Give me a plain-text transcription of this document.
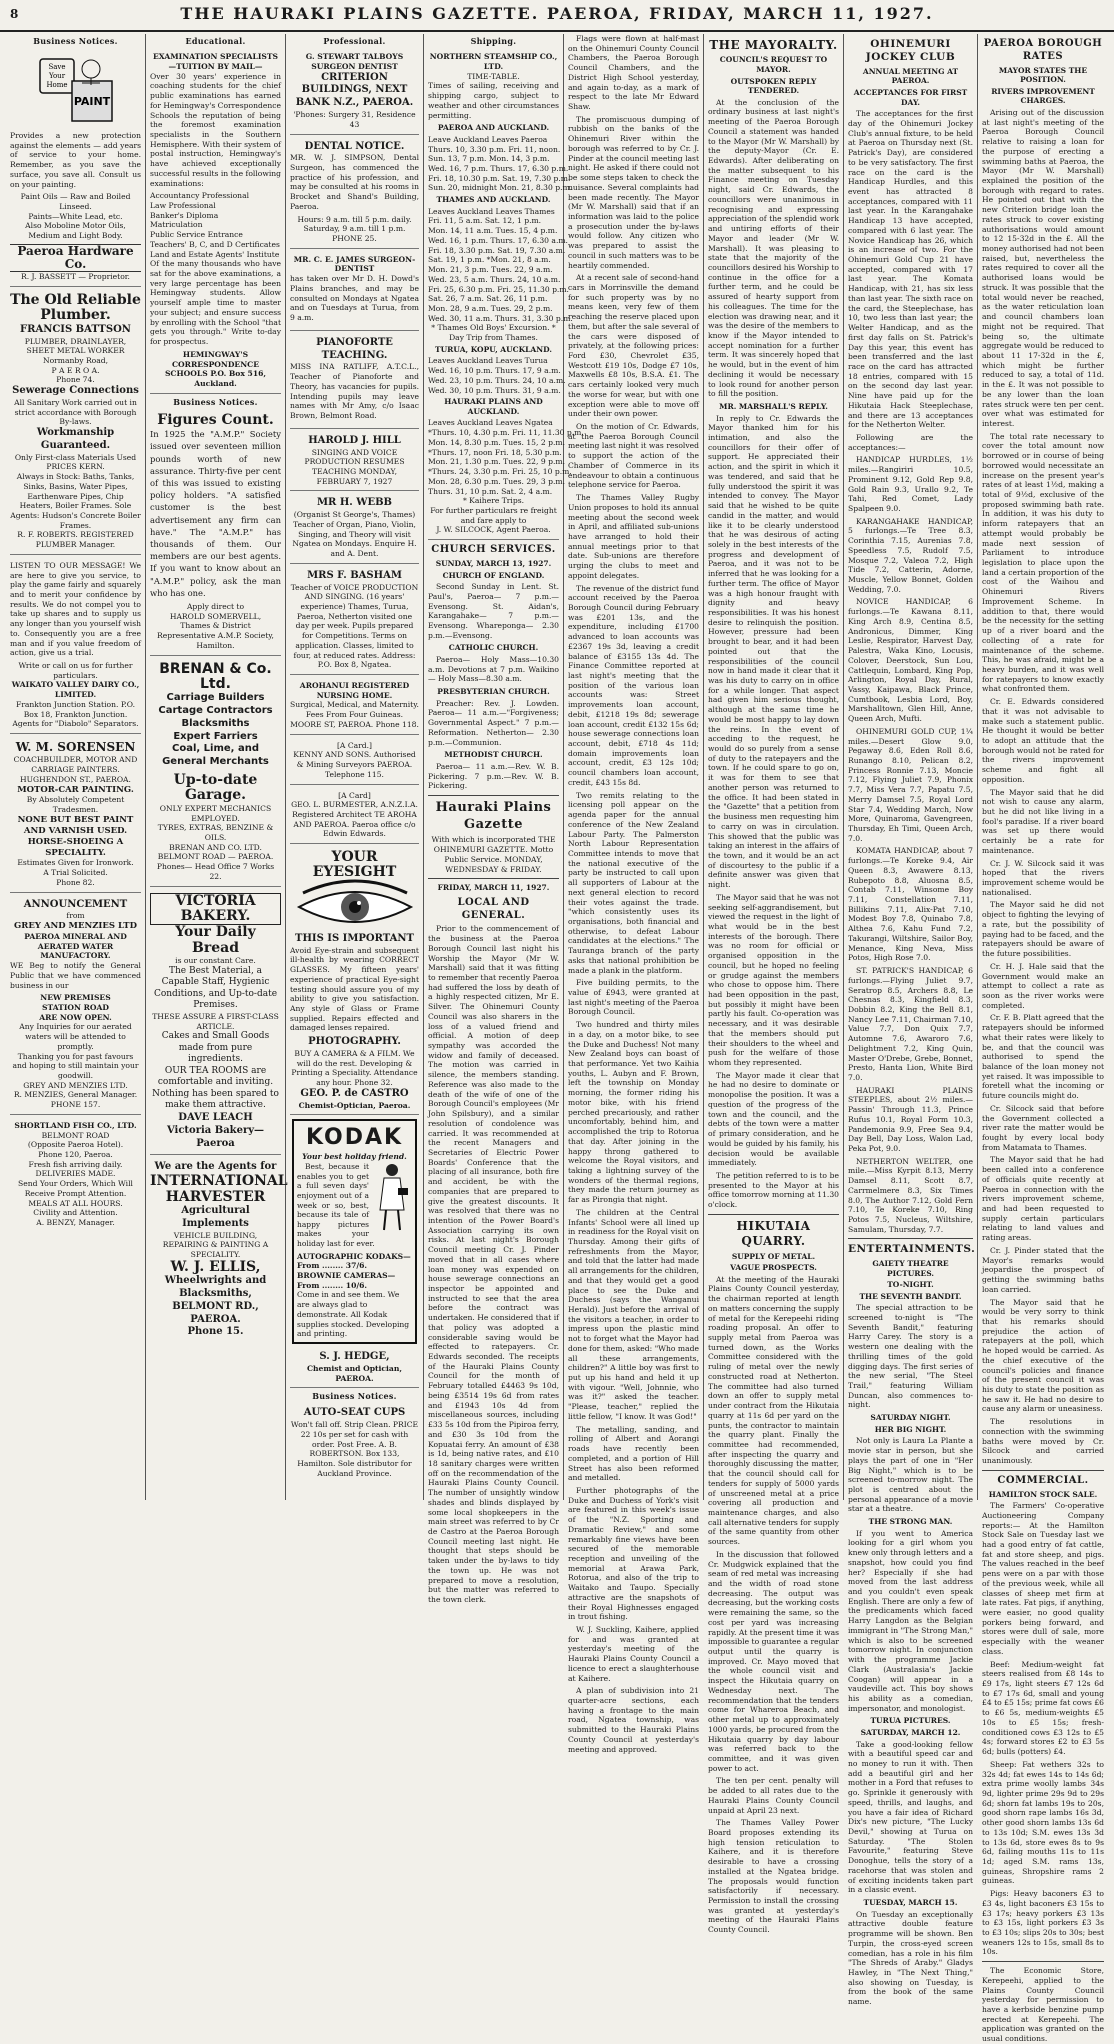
8	THE HAURAKI PLAINS GAZETTE. PAEROA, FRIDAY, MARCH 11, 1927.
Business Notices.
Save
Your
Home
PAINT

Provides a new protection against the elements — add years of service to your home. Remember, as you save the surface, you save all. Consult us on your painting.

Paint Oils — Raw and Boiled Linseed.
Paints—White Lead, etc.
Also Moboline Motor Oils, Medium and Light Body.
Paeroa Hardware Co.
R. J. BASSETT — Proprietor.
The Old Reliable Plumber.
FRANCIS BATTSON
PLUMBER, DRAINLAYER, SHEET METAL WORKER
Normanby Road,
P A E R O A.
Phone 74.
Sewerage Connections
All Sanitary Work carried out in strict accordance with Borough By-laws.
Workmanship Guaranteed.
Only First-class Materials Used PRICES KERN.
Always in Stock: Baths, Tanks, Sinks, Basins, Water Pipes, Earthenware Pipes, Chip Heaters, Boiler Frames. Sole Agents: Hudson's Concrete Boiler Frames.
R. F. ROBERTS. REGISTERED PLUMBER Manager.

LISTEN TO OUR MESSAGE! We are here to give you service, to play the game fairly and squarely and to merit your confidence by results. We do not compel you to take up shares and to supply us any longer than you yourself wish to. Consequently you are a free man and if you value freedom of action, give us a trial.

Write or call on us for further particulars.
WAIKATO VALLEY DAIRY CO., LIMITED.
Frankton Junction Station. P.O. Box 18, Frankton Junction. Agents for "Diabolo" Separators.
W. M. SORENSEN
COACHBUILDER, MOTOR AND CARRIAGE PAINTERS.
HUGHENDON ST., PAEROA.
MOTOR-CAR PAINTING.
By Absolutely Competent Tradesmen.
NONE BUT BEST PAINT AND VARNISH USED.
HORSE-SHOEING A SPECIALITY.
Estimates Given for Ironwork.
A Trial Solicited.
Phone 82.
ANNOUNCEMENT
from
GREY AND MENZIES LTD
PAEROA MINERAL AND AERATED WATER MANUFACTORY.

WE Beg to notify the General Public that we have commenced business in our

NEW PREMISES
STATION ROAD
ARE NOW OPEN.
Any Inquiries for our aerated waters will be attended to promptly.
Thanking you for past favours and hoping to still maintain your goodwill.
GREY AND MENZIES LTD.
R. MENZIES, General Manager.
PHONE 157.
SHORTLAND FISH CO., LTD.
BELMONT ROAD
(Opposite Paeroa Hotel).
Phone 120, Paeroa.
Fresh fish arriving daily.
DELIVERIES MADE.
Send Your Orders, Which Will Receive Prompt Attention.
MEALS AT ALL HOURS.
Civility and Attention.
A. BENZY, Manager.
Educational.
EXAMINATION SPECIALISTS —TUITION BY MAIL—

Over 30 years' experience in coaching students for the chief public examinations has earned for Hemingway's Correspondence Schools the reputation of being the foremost examination specialists in the Southern Hemisphere. With their system of postal instruction, Hemingway's have achieved exceptionally successful results in the following examinations:

Accountancy Professional
Law Professional
Banker's Diploma
Matriculation
Public Service Entrance
Teachers' B, C, and D Certificates
Land and Estate Agents' Institute

Of the many thousands who have sat for the above examinations, a very large percentage has been Hemingway students. Allow yourself ample time to master your subject; and ensure success by enrolling with the School "that gets you through." Write to-day for prospectus.

HEMINGWAY'S CORRESPONDENCE SCHOOLS P.O. Box 516, Auckland.
Business Notices.
Figures Count.

In 1925 the "A.M.P." Society issued over seventeen million pounds worth of new assurance. Thirty-five per cent of this was issued to existing policy holders. "A satisfied customer is the best advertisement any firm can have." The "A.M.P." has thousands of them. Our members are our best agents. If you want to know about an "A.M.P." policy, ask the man who has one.

Apply direct to
HAROLD SOMERVELL,
Thames & District Representative A.M.P. Society, Hamilton.
BRENAN & Co. Ltd.
Carriage Builders
Cartage Contractors
Blacksmiths
Expert Farriers
Coal, Lime, and
General Merchants
Up-to-date Garage.
ONLY EXPERT MECHANICS EMPLOYED.
TYRES, EXTRAS, BENZINE & OILS.
BRENAN AND CO. LTD.
BELMONT ROAD — PAEROA.
Phones— Head Office 7 Works 22.
VICTORIA BAKERY.
Your Daily Bread
is our constant Care.
The Best Material, a Capable Staff, Hygienic Conditions, and Up-to-date Premises.
THESE ASSURE A FIRST-CLASS ARTICLE.
Cakes and Small Goods made from pure ingredients.
OUR TEA ROOMS are comfortable and inviting. Nothing has been spared to make them attractive.
DAVE LEACH
Victoria Bakery—Paeroa
We are the Agents for
INTERNATIONAL HARVESTER
Agricultural Implements
VEHICLE BUILDING, REPAIRING & PAINTING A SPECIALITY.
W. J. ELLIS,
Wheelwrights and Blacksmiths,
BELMONT RD., PAEROA.
Phone 15.
Professional.
G. STEWART TALBOYS SURGEON DENTIST
CRITERION BUILDINGS, NEXT BANK N.Z., PAEROA.
'Phones: Surgery 31, Residence 43
DENTAL NOTICE.

MR. W. J. SIMPSON, Dental Surgeon, has commenced the practice of his profession, and may be consulted at his rooms in Brocket and Shand's Building, Paeroa.

Hours: 9 a.m. till 5 p.m. daily. Saturday, 9 a.m. till 1 p.m.
PHONE 25.
MR. C. E. JAMES SURGEON-DENTIST

has taken over Mr D. H. Dowd's Plains branches, and may be consulted on Mondays at Ngatea and on Tuesdays at Turua, from 9 a.m.

PIANOFORTE TEACHING.

MISS INA RATLIFF, A.T.C.L., Teacher of Pianoforte and Theory, has vacancies for pupils. Intending pupils may leave names with Mr Amy, c/o Isaac Brown, Belmont Road.

HAROLD J. HILL
SINGING AND VOICE PRODUCTION RESUMES TEACHING MONDAY, FEBRUARY 7, 1927
MR H. WEBB
(Organist St George's, Thames) Teacher of Organ, Piano, Violin, Singing, and Theory will visit Ngatea on Mondays. Enquire H. and A. Dent.
MRS F. BASHAM
Teacher of VOICE PRODUCTION AND SINGING. (16 years' experience) Thames, Turua, Paeroa, Netherton visited one day per week. Pupils prepared for Competitions. Terms on application. Classes, limited to four, at reduced rates. Address: P.O. Box 8, Ngatea.
AROHANUI REGISTERED NURSING HOME.
Surgical, Medical, and Maternity. Fees From Four Guineas. MOORE ST, PAEROA. Phone 118.
[A Card.]
KENNY AND SONS. Authorised & Mining Surveyors PAEROA. Telephone 115.
[A Card]
GEO. L. BURMESTER, A.N.Z.I.A. Registered Architect TE AROHA AND PAEROA. Paeroa office c/o Edwin Edwards.
YOUR EYESIGHT
THIS IS IMPORTANT

Avoid Eye-strain and subsequent ill-health by wearing CORRECT GLASSES. My fifteen years' experience of practical Eye-sight testing should assure you of my ability to give you satisfaction. Any style of Glass or Frame supplied. Repairs effected and damaged lenses repaired.

PHOTOGRAPHY.
BUY A CAMERA & A FILM. We will do the rest. Developing & Printing a Speciality. Attendance any hour. Phone 32.
GEO. P. de CASTRO
Chemist-Optician, Paeroa.
KODAK
Your best holiday friend.

Best, because it enables you to get a full seven days' enjoyment out of a week or so, best, because its tale of happy pictures makes your holiday last for ever.

AUTOGRAPHIC KODAKS— From ........ 37/6.
BROWNIE CAMERAS— From ........ 10/6.
Come in and see them. We are always glad to demonstrate. All Kodak supplies stocked. Developing and printing.
S. J. HEDGE,
Chemist and Optician, PAEROA.
Business Notices.
AUTO-SEAT CUPS
Won't fall off. Strip Clean. PRICE 22 10s per set for cash with order. Post Free. A. B. ROBERTSON. Box 133, Hamilton. Sole distributor for Auckland Province.
Shipping.
NORTHERN STEAMSHIP CO., LTD.
TIME-TABLE.

Times of sailing, receiving and shipping cargo, subject to weather and other circumstances permitting.

PAEROA AND AUCKLAND.
Leave Auckland Leaves Paeroa
Thurs. 10, 3.30 p.m. Fri. 11, noon.
Sun. 13, 7 p.m. Mon. 14, 3 p.m.
Wed. 16, 7 p.m. Thurs. 17, 6.30 p.m.
Fri. 18, 10.30 p.m. Sat. 19, 7.30 p.m.
Sun. 20, midnight Mon. 21, 8.30 p.m.
THAMES AND AUCKLAND.
Leaves Auckland Leaves Thames
Fri. 11, 5 a.m. Sat. 12, 1 p.m.
Mon. 14, 11 a.m. Tues. 15, 4 p.m.
Wed. 16, 1 p.m. Thurs. 17, 6.30 a.m.
Fri. 18, 3.30 p.m. Sat. 19, 7.30 a.m.
Sat. 19, 1 p.m. *Mon. 21, 8 a.m.
Mon. 21, 3 p.m. Tues. 22, 9 a.m.
Wed. 23, 5 a.m. Thurs. 24, 10 a.m.
Fri. 25, 6.30 p.m. Fri. 25, 11.30 p.m.
Sat. 26, 7 a.m. Sat. 26, 11 p.m.
Mon. 28, 9 a.m. Tues. 29, 2 p.m.
Wed. 30, 11 a.m. Thurs. 31, 3.30 p.m.
* Thames Old Boys' Excursion. * Day Trip from Thames.
TURUA, KOPU, AUCKLAND.
Leaves Auckland Leaves Turua
Wed. 16, 10 p.m. Thurs. 17, 9 a.m.
Wed. 23, 10 p.m. Thurs. 24, 10 a.m.
Wed. 30, 10 p.m. Thurs. 31, 9 a.m.
HAURAKI PLAINS AND AUCKLAND.
Leaves Auckland Leaves Ngatea
*Thurs. 10, 4.30 p.m. Fri. 11, 11.30 p.m.
Mon. 14, 8.30 p.m. Tues. 15, 2 p.m.
*Thurs. 17, noon Fri. 18, 5.30 p.m.
Mon. 21, 1.30 p.m. Tues. 22, 9 p.m.
*Thurs. 24, 3.30 p.m. Fri. 25, 10 p.m.
Mon. 28, 6.30 p.m. Tues. 29, 3 p.m.
Thurs. 31, 10 p.m. Sat. 2, 4 a.m.
* Kaihere Trips.
For further particulars re freight and fare apply to
J. W. SILCOCK, Agent Paeroa.
CHURCH SERVICES.
SUNDAY, MARCH 13, 1927.
CHURCH OF ENGLAND.

Second Sunday in Lent. St. Paul's, Paeroa— 7 p.m.—Evensong. St. Aidan's, Karangahake— 7 p.m.—Evensong. Whareponga— 2.30 p.m.—Evensong.

CATHOLIC CHURCH.

Paeroa— Holy Mass—10.30 a.m. Devotions at 7 p.m. Waikino— Holy Mass—8.30 a.m.

PRESBYTERIAN CHURCH.

Preacher: Rev. J. Lowden. Paeroa— 11 a.m.—"Forgiveness; Governmental Aspect." 7 p.m.—Reformation. Netherton— 2.30 p.m.—Communion.

METHODIST CHURCH.

Paeroa— 11 a.m.—Rev. W. B. Pickering. 7 p.m.—Rev. W. B. Pickering.

Hauraki Plains Gazette
With which is incorporated THE OHINEMURI GAZETTE. Motto Public Service. MONDAY, WEDNESDAY & FRIDAY.
FRIDAY, MARCH 11, 1927.
LOCAL AND GENERAL.

Prior to the commencement of the business at the Paeroa Borough Council last night his Worship the Mayor (Mr W. Marshall) said that it was fitting to remember that recently Paeroa had suffered the loss by death of a highly respected citizen, Mr E. Silver. The Ohinemuri County Council was also sharers in the loss of a valued friend and official. A motion of deep sympathy was accorded the widow and family of deceased. The motion was carried in silence, the members standing. Reference was also made to the death of the wife of one of the Borough Council's employees (Mr John Spilsbury), and a similar resolution of condolence was carried. It was recommended at the recent Managers and Secretaries of Electric Power Boards' Conference that the placing of all insurance, both fire and accident, be with the companies that are prepared to give the greatest discounts. It was resolved that there was no intention of the Power Board's Association carrying its own risks. At last night's Borough Council meeting Cr. J. Pinder moved that in all cases where loan money was expended on house sewerage connections an inspector be appointed and instructed to see that the area before the contract was undertaken. He considered that if that policy was adopted a considerable saving would be effected to ratepayers. Cr. Edwards seconded. The receipts of the Hauraki Plains County Council for the month of February totalled £4463 9s 10d, being £3514 19s 6d from rates and £1943 10s 4d from miscellaneous sources, including £33 5s 10d from the Pipiroa ferry, and £30 3s 10d from the Kopuatai ferry. An amount of £38 is 1d, being native rates, and £10 18 sanitary charges were written off on the recommendation of the Hauraki Plains County Council. The number of unsightly window shades and blinds displayed by some local shopkeepers in the main street was referred to by Cr de Castro at the Paeroa Borough Council meeting last night. He thought that steps should be taken under the by-laws to tidy the town up. He was not prepared to move a resolution, but the matter was referred to the town clerk.

Flags were flown at half-mast on the Ohinemuri County Council Chambers, the Paeroa Borough Council Chambers, and the District High School yesterday, and again to-day, as a mark of respect to the late Mr Edward Shaw.

The promiscuous dumping of rubbish on the banks of the Ohinemuri River within the borough was referred to by Cr. J. Pinder at the council meeting last night. He asked if there could not be some steps taken to check the nuisance. Several complaints had been made recently. The Mayor (Mr W. Marshall) said that if an information was laid to the police a prosecution under the by-laws would follow. Any citizen who was prepared to assist the council in such matters was to be heartily commended.

At a recent sale of second-hand cars in Morrinsville the demand for such property was by no means keen, very few of them reaching the reserve placed upon them, but after the sale several of the cars were disposed of privately, at the following prices: Ford £30, Chevrolet £35, Westcott £19 10s, Dodge £7 10s, Maxwells £8 10s, B.S.A. £1. The cars certainly looked very much the worse for wear, but with one exception were able to move off under their own power.

On the motion of Cr. Edwards, at the Paeroa Borough Council meeting last night it was resolved to support the action of the Chamber of Commerce in its endeavour to obtain a continuous telephone service for Paeroa.

The Thames Valley Rugby Union proposes to hold its annual meeting about the second week in April, and affiliated sub-unions have arranged to hold their annual meetings prior to that date. Sub-unions are therefore urging the clubs to meet and appoint delegates.

The revenue of the district fund account received by the Paeroa Borough Council during February was £201 13s, and the expenditure, including £1700 advanced to loan accounts was £2367 19s 3d, leaving a credit balance of £3155 13s 4d. The Finance Committee reported at last night's meeting that the position of the various loan accounts was: Street improvements loan account, debit, £1218 19s 8d; sewerage loan account, credit £132 15s 6d; house sewerage connections loan account, debit, £718 4s 11d; domain improvements loan account, credit, £3 12s 10d; council chambers loan account, credit, £43 15s 8d.

Two remits relating to the licensing poll appear on the agenda paper for the annual conference of the New Zealand Labour Party. The Palmerston North Labour Representation Committee intends to move that the national executive of the party be instructed to call upon all supporters of Labour at the next general election to record their votes against the trade. "which consistently uses its organisations, both financial and otherwise, to defeat Labour candidates at the elections." The Tauranga branch of the party asks that national prohibition be made a plank in the platform.

Five building permits, to the value of £943, were granted at last night's meeting of the Paeroa Borough Council.

Two hundred and thirty miles in a day, on a motor bike, to see the Duke and Duchess! Not many New Zealand boys can boast of that performance. Yet two Kaihia youths, L. Aubyn and F. Brown, left the township on Monday morning, the former riding his motor bike, with his friend perched precariously, and rather uncomfortably, behind him, and accomplished the trip to Rotorua that day. After joining in the happy throng gathered to welcome the Royal visitors, and taking a lightning survey of the wonders of the thermal regions, they made the return journey as far as Pirongia that night.

The children at the Central Infants' School were all lined up in readiness for the Royal visit on Thursday. Among their gifts of refreshments from the Mayor, and told that the latter had made all arrangements for the children, and that they would get a good place to see the Duke and Duchess (says the Wanganui Herald). Just before the arrival of the visitors a teacher, in order to impress upon the plastic mind not to forget what the Mayor had done for them, asked: "Who made all these arrangements, children?" A little boy was first to put up his hand and held it up with vigour. "Well, Johnnie, who was it?" asked the teacher. "Please, teacher," replied the little fellow, "I know. It was God!"

The metalling, sanding, and rolling of Albert and Aorangi roads have recently been completed, and a portion of Hill Street has also been reformed and metalled.

Further photographs of the Duke and Duchess of York's visit are featured in this week's issue of the "N.Z. Sporting and Dramatic Review," and some remarkably fine views have been secured of the memorable reception and unveiling of the memorial at Arawa Park, Rotorua, and also of the trip to Waitako and Taupo. Specially attractive are the snapshots of their Royal Highnesses engaged in trout fishing.

W. J. Suckling, Kaihere, applied for and was granted at yesterday's meeting of the Hauraki Plains County Council a licence to erect a slaughterhouse at Kaihere.

A plan of subdivision into 21 quarter-acre sections, each having a frontage to the main road, Ngatea township, was submitted to the Hauraki Plains County Council at yesterday's meeting and approved.

THE MAYORALTY.
COUNCIL'S REQUEST TO MAYOR.
OUTSPOKEN REPLY TENDERED.

At the conclusion of the ordinary business at last night's meeting of the Paeroa Borough Council a statement was handed to the Mayor (Mr W. Marshall) by the deputy-Mayor (Cr. E. Edwards). After deliberating on the matter subsequent to his Finance meeting on Tuesday night, said Cr. Edwards, the councillors were unanimous in recognising and expressing appreciation of the splendid work and untiring efforts of their Mayor and leader (Mr W. Marshall). It was pleasing to state that the majority of the councillors desired his Worship to continue in the office for a further term, and he could be assured of hearty support from his colleagues. The time for the election was drawing near, and it was the desire of the members to know if the Mayor intended to accept nomination for a further term. It was sincerely hoped that he would, but in the event of him declining it would be necessary to look round for another person to fill the position.

MR. MARSHALL'S REPLY.

In reply to Cr. Edwards the Mayor thanked him for his intimation, and also the councillors for their offer of support. He appreciated their action, and the spirit in which it was tendered, and said that he fully understood the spirit it was intended to convey. The Mayor said that he wished to be quite candid in the matter, and would like it to be clearly understood that he was desirous of acting solely in the best interests of the progress and development of Paeroa, and it was not to be inferred that he was looking for a further term. The office of Mayor was a high honour fraught with dignity and heavy responsibilities. It was his honest desire to relinquish the position. However, pressure had been brought to bear, and it had been pointed out that the responsibilities of the council now in hand made it clear that it was his duty to carry on in office for a while longer. That aspect had given him serious thought, although at the same time he would be most happy to lay down the reins. In the event of acceding to the request, he would do so purely from a sense of duty to the ratepayers and the town. If he could spare to go on, it was for them to see that another person was returned to the office. It had been stated in the "Gazette" that a petition from the business men requesting him to carry on was in circulation. This showed that the public was taking an interest in the affairs of the town, and it would be an act of discourtesy to the public if a definite answer was given that night.

The Mayor said that he was not seeking self-aggrandisement, but viewed the request in the light of what would be in the best interests of the borough. There was no room for official or organised opposition in the council, but he hoped no feeling or grudge against the members who chose to oppose him. There had been opposition in the past, but possibly it might have been partly his fault. Co-operation was necessary, and it was desirable that the members should put their shoulders to the wheel and push for the welfare of those whom they represented.

The Mayor made it clear that he had no desire to dominate or monopolise the position. It was a question of the progress of the town and the council, and the debts of the town were a matter of primary consideration, and he would be guided by his family, his decision would be available immediately.

The petition referred to is to be presented to the Mayor at his office tomorrow morning at 11.30 o'clock.

HIKUTAIA QUARRY.
SUPPLY OF METAL.
VAGUE PROSPECTS.

At the meeting of the Hauraki Plains County Council yesterday, the chairman reported at length on matters concerning the supply of metal for the Kerepeehi riding roading proposal. An offer to supply metal from Paeroa was turned down, as the Works Committee considered with the ruling of metal over the newly constructed road at Netherton. The committee had also turned down an offer to supply metal under contract from the Hikutaia quarry at 11s 6d per yard on the punts, the contractor to maintain the quarry plant. Finally the committee had recommended, after inspecting the quarry and thoroughly discussing the matter, that the council should call for tenders for supply of 5000 yards of unscreened metal at a price covering all production and maintenance charges, and also call alternative tenders for supply of the same quantity from other sources.

In the discussion that followed Cr. Mudgwick explained that the seam of red metal was increasing and the width of road stone decreasing. The output was decreasing, but the working costs were remaining the same, so the cost per yard was increasing rapidly. At the present time it was impossible to guarantee a regular output until the quarry is improved. Cr. Mayo moved that the whole council visit and inspect the Hikutaia quarry on Wednesday next. The recommendation that the tenders come for Whareroa Beach, and other metal up to approximately 1000 yards, be procured from the Hikutaia quarry by day labour was referred back to the committee, and it was given power to act.

The ten per cent. penalty will be added to all rates due to the Hauraki Plains County Council unpaid at April 23 next.

The Thames Valley Power Board proposes extending its high tension reticulation to Kaihere, and it is therefore desirable to have a crossing installed at the Ngatea bridge. The proposals would function satisfactorily if necessary. Permission to install the crossing was granted at yesterday's meeting of the Hauraki Plains County Council.

OHINEMURI JOCKEY CLUB
ANNUAL MEETING AT PAEROA.
ACCEPTANCES FOR FIRST DAY.

The acceptances for the first day of the Ohinemuri Jockey Club's annual fixture, to be held at Paeroa on Thursday next (St. Patrick's Day), are considered to be very satisfactory. The first race on the card is the Handicap Hurdles, and this event has attracted 8 acceptances, compared with 11 last year. In the Karangahake Handicap 13 have accepted, compared with 6 last year. The Novice Handicap has 26, which is an increase of two. For the Ohinemuri Gold Cup 21 have accepted, compared with 17 last year. The Komata Handicap, with 21, has six less than last year. The sixth race on the card, the Steeplechase, has 10, two less than last year; the Welter Handicap, and as the first day falls on St. Patrick's Day this year, this event has been transferred and the last race on the card has attracted 18 entries, compared with 15 on the second day last year. Nine have paid up for the Hikutaia Hack Steeplechase, and there are 13 acceptances for the Netherton Welter.

Following are the acceptances:—

HANDICAP HURDLES, 1½ miles.—Rangiriri 10.5, Prominent 9.12, Gold Rep 9.8, Gold Rain 9.3, Urallo 9.2, Te Tahi, Red Comet, Lady Spalpeen 9.0.

KARANGAHAKE HANDICAP, 5 furlongs.—Te Tree 8.3, Corinthia 7.15, Aurenias 7.8, Speedless 7.5, Rudolf 7.5, Mosque 7.2, Valeoa 7.2, High Tide 7.2, Catterin, Adorne, Muscle, Yellow Bonnet, Golden Wedding, 7.0.

NOVICE HANDICAP, 6 furlongs.—Te Kawana 8.11, King Arch 8.9, Centina 8.5, Andronicus, Dimmer, King Leslie, Respirator, Harvest Day, Palestra, Waka Kino, Locusis, Colover, Deerstock, Sun Lou, Cattlequin, Lombard, King Pop, Arlington, Royal Day, Rural, Vassy, Kaipawa, Black Prince, Cumtbook, Lesbia Lord, Boy, Marshalltown, Glen Hill, Anne, Queen Arch, Mufti.

OHINEMURI GOLD CUP, 1¼ miles.—Desert Glow 9.0, Pegaway 8.6, Eden Roll 8.6, Runango 8.10, Pelican 8.2, Princess Ronnie 7.13, Moncie 7.12, Flying Juliet 7.9, Phonix 7.7, Miss Vera 7.7, Papatu 7.5, Merry Damsel 7.5, Royal Lord Star 7.4, Wedding March, Now More, Quinaroma, Gavengreen, Thursday, Eh Timi, Queen Arch, 7.0.

KOMATA HANDICAP, about 7 furlongs.—Te Koreke 9.4, Air Queen 8.3, Awawere 8.13, Rubepoto 8.8, Aluosna 8.5, Contab 7.11, Winsome Boy 7.11, Constellation 7.11, Billikins 7.11, Alix-Pat 7.10, Modest Boy 7.8, Quinabo 7.8, Althea 7.6, Kahu Fund 7.2, Takurangi, Wiltshire, Sailor Boy, Menance, King Neva, Miss Potos, High Rose 7.0.

ST. PATRICK'S HANDICAP, 6 furlongs.—Flying Juliet 9.7, Seratrop 8.5, Archers 8.8, Le Chesnas 8.3, Kingfield 8.3, Dobbin 8.2, King the Bell 8.1, Nancy Lee 7.11, Chairman 7.10, Value 7.7, Don Quix 7.7, Automne 7.6, Awaroro 7.6, Delightment 7.2, King Quin, Master O'Drebe, Grebe, Bonnet, Presto, Hanta Lion, White Bird 7.0.

HAURAKI PLAINS STEEPLES, about 2½ miles.—Passin' Through 11.3, Prince Rufus 10.1, Royal Form 10.3, Pandemonia 9.9, Free Sea 9.4, Day Bell, Day Loss, Walon Lad, Peka Pot, 9.0.

NETHERTON WELTER, one mile.—Miss Kyrpit 8.13, Merry Damsel 8.11, Scott 8.7, Carrmelmere 8.3, Six Times 8.0, The Author 7.12, Gold Fern 7.10, Te Koreke 7.10, Ring Potos 7.5, Nucleus, Wiltshire, Samulam, Thursday, 7.7.

ENTERTAINMENTS.
GAIETY THEATRE PICTURES.
TO-NIGHT.
THE SEVENTH BANDIT.

The special attraction to be screened to-night is "The Seventh Bandit," featuring Harry Carey. The story is a western one dealing with the thrilling times of the gold digging days. The first series of the new serial, "The Steel Trail," featuring William Duncan, also commences to-night.

SATURDAY NIGHT.
HER BIG NIGHT.

Not only is Laura La Plante a movie star in person, but she plays the part of one in "Her Big Night," which is to be screened to-morrow night. The plot is centred about the personal appearance of a movie star at a theatre.

THE STRONG MAN.

If you went to America looking for a girl whom you knew only through letters and a snapshot, how could you find her? Especially if she had moved from the last address and you couldn't even speak English. There are only a few of the predicaments which faced Harry Langdon as the Belgian immigrant in "The Strong Man," which is also to be screened tomorrow night. In conjunction with the programme Jackie Clark (Australasia's Jackie Coogan) will appear in a vaudeville act. This boy shows his ability as a comedian, impersonator, and monologist.

TURUA PICTURES.
SATURDAY, MARCH 12.

Take a good-looking fellow with a beautiful speed car and no money to run it with. Then add a beautiful girl and her mother in a Ford that refuses to go. Sprinkle it generously with speed, thrills, and laughs, and you have a fair idea of Richard Dix's new picture, "The Lucky Devil," showing at Turua on Saturday. "The Stolen Favourite," featuring Steve Donoghue, tells the story of a racehorse that was stolen and of exciting incidents taken part in a classic event.

TUESDAY, MARCH 15.

On Tuesday an exceptionally attractive double feature programme will be shown. Ben Turpin, the cross-eyed screen comedian, has a role in his film "The Shreds of Araby." Gladys Hawley, in "The Next Thing," also showing on Tuesday, is from the book of the same name.

PAEROA BOROUGH RATES
MAYOR STATES THE POSITION.
RIVERS IMPROVEMENT CHARGES.

Arising out of the discussion at last night's meeting of the Paeroa Borough Council relative to raising a loan for the purpose of erecting a swimming baths at Paeroa, the Mayor (Mr W. Marshall) explained the position of the borough with regard to rates. He pointed out that with the new Criterion bridge loan the rates struck to cover existing authorisations would amount to 12 15-32d in the £. All the money authorised had not been raised, but, nevertheless the rates required to cover all the authorised loans would be struck. It was possible that the total would never be reached, as the water reticulation loan and council chambers loan might not be required. That being so, the ultimate aggregate would be reduced to about 11 17-32d in the £, which might be further reduced to say, a total of 11d. in the £. It was not possible to be any lower than the loan rates struck were ten per cent. over what was estimated for interest.

The total rate necessary to cover the total amount now borrowed or in course of being borrowed would necessitate an increase on the present year's rates of at least 1½d, making a total of 9½d, exclusive of the proposed swimming bath rate. In addition, it was his duty to inform ratepayers that an attempt would probably be made next session of Parliament to introduce legislation to place upon the land a certain proportion of the cost of the Waihou and Ohinemuri Rivers Improvement Scheme. In addition to that, there would be the necessity for the setting up of a river board and the collecting of a rate for maintenance of the scheme. This, he was afraid, might be a heavy burden, and it was well for ratepayers to know exactly what confronted them.

Cr. E. Edwards considered that it was not advisable to make such a statement public. He thought it would be better to adopt an attitude that the borough would not be rated for the rivers improvement scheme and fight all opposition.

The Mayor said that he did not wish to cause any alarm, but he did not like living in a fool's paradise. If a river board was set up there would certainly be a rate for maintenance.

Cr. J. W. Silcock said it was hoped that the rivers improvement scheme would be nationalised.

The Mayor said he did not object to fighting the levying of a rate, but the possibility of paying had to be faced, and the ratepayers should be aware of the future possibilities.

Cr. H. J. Hale said that the Government would make an attempt to collect a rate as soon as the river works were completed.

Cr. F. B. Platt agreed that the ratepayers should be informed what their rates were likely to be, and that the council was authorised to spend the balance of the loan money not yet raised. It was impossible to foretell what the incoming or future councils might do.

Cr. Silcock said that before the Government collected a river rate the matter would be fought by every local body from Matamata to Thames.

The Mayor said that he had been called into a conference of officials quite recently at Paeroa in connection with the rivers improvement scheme, and had been requested to supply certain particulars relating to land values and rating areas.

Cr. J. Pinder stated that the Mayor's remarks would jeopardise the prospect of getting the swimming baths loan carried.

The Mayor said that he would be very sorry to think that his remarks should prejudice the action of ratepayers at the poll, which he hoped would be carried. As the chief executive of the council's policies and finance of the present council it was his duty to state the position as he saw it. He had no desire to cause any alarm or uneasiness.

The resolutions in connection with the swimming baths were moved by Cr. Silcock and carried unanimously.

COMMERCIAL.
HAMILTON STOCK SALE.

The Farmers' Co-operative Auctioneering Company reports:— At the Hamilton Stock Sale on Tuesday last we had a good entry of fat cattle, fat and store sheep, and pigs. The values reached in the beef pens were on a par with those of the previous week, while all classes of sheep met firm at late rates. Fat pigs, if anything, were easier, no good quality porkers being forward, and stores were dull of sale, more especially with the weaner class.

Beef: Medium-weight fat steers realised from £8 14s to £9 17s, light steers £7 12s 6d to £7 17s 6d, small and young £4 to £5 15s; prime fat cows £6 to £6 5s, medium-weights £5 10s to £5 15s; fresh-conditioned cows £3 12s to £5 4s; forward stores £2 to £3 5s 6d; bulls (potters) £4.

Sheep: Fat wethers 32s to 32s 4d; fat ewes 14s to 14s 6d; extra prime woolly lambs 34s 9d, lighter prime 29s 9d to 29s 6d; shorn fat lambs 19s to 20s, good shorn rape lambs 16s 3d, other good shorn lambs 13s 6d to 13s 10d; S.M. ewes 13s 3d to 13s 6d, store ewes 8s to 9s 6d, failing mouths 11s to 11s 1d; aged S.M. rams 13s, guineas, Shropshire rams 2 guineas.

Pigs: Heavy baconers £3 to £3 4s, light baconers £3 15s to £3 17s; heavy porkers £3 13s to £3 15s, light porkers £3 3s to £3 10s; slips 20s to 30s; best weaners 12s to 15s, small 8s to 10s.

The Economic Store, Kerepeehi, applied to the Plains County Council yesterday for permission to have a kerbside benzine pump erected at Kerepeehi. The application was granted on the usual conditions.
